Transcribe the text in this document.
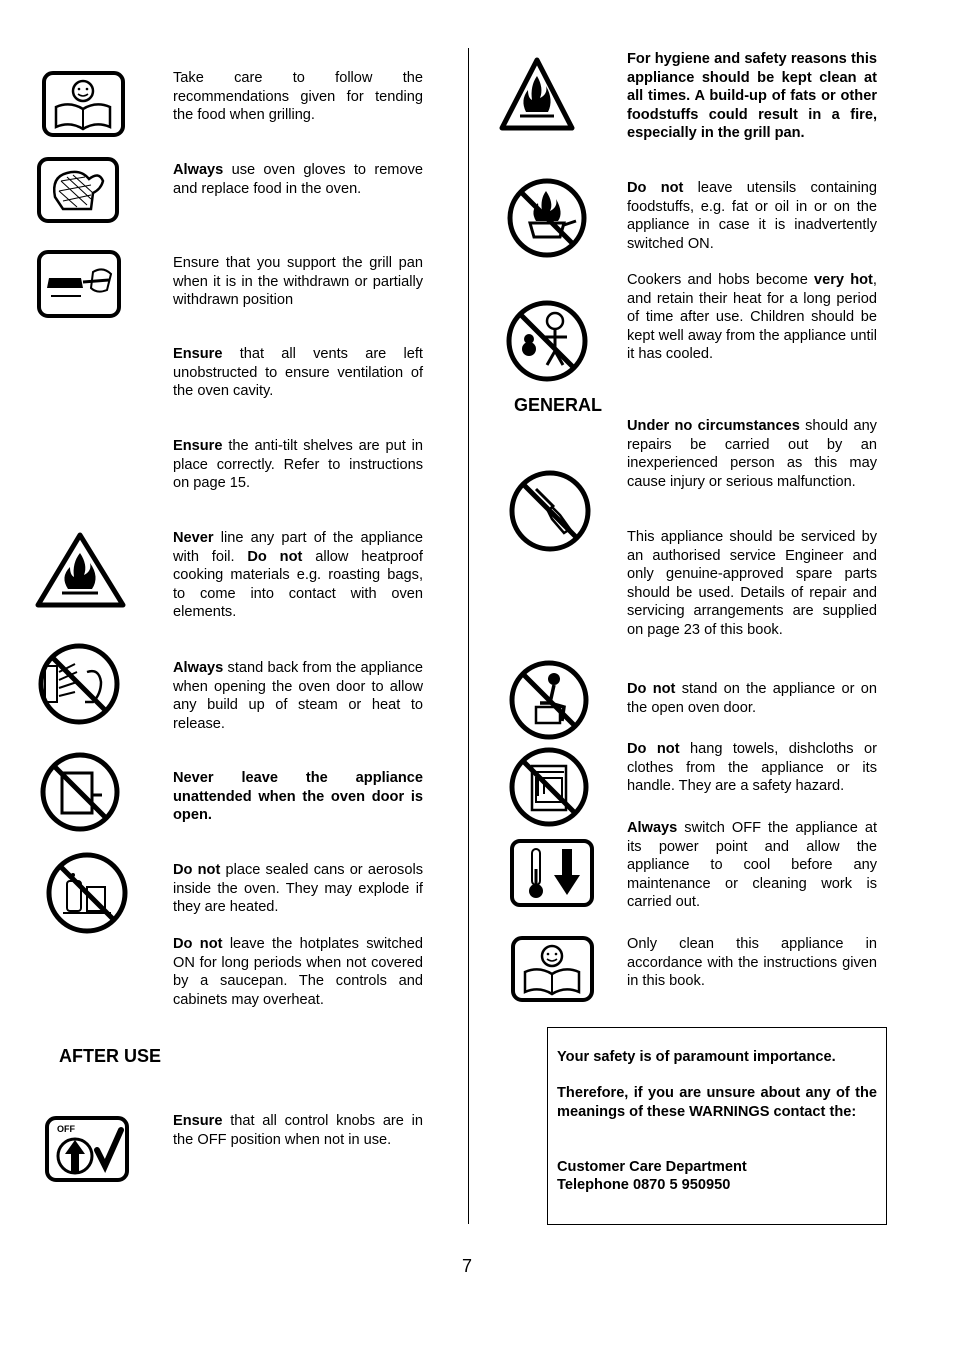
Take care to follow the recommendations given for tending the food when grilling.
Always use oven gloves to remove and replace food in the oven.
Ensure that you support the grill pan when it is in the withdrawn or partially withdrawn position
Ensure that all vents are left unobstructed to ensure ventilation of the oven cavity.
Ensure the anti-tilt shelves are put in place correctly. Refer to instructions on page 15.
Never line any part of the appliance with foil. Do not allow heatproof cooking materials e.g. roasting bags, to come into contact with oven elements.
Always stand back from the appliance when opening the oven door to allow any build up of steam or heat to release.
Never leave the appliance unattended when the oven door is open.
Do not place sealed cans or aerosols inside the oven. They may explode if they are heated.
Do not leave the hotplates switched ON for long periods when not covered by a saucepan. The controls and cabinets may overheat.
AFTER USE
OFF	Ensure that all control knobs are in the OFF position when not in use.
For hygiene and safety reasons this appliance should be kept clean at all times. A build-up of fats or other foodstuffs could result in a fire, especially in the grill pan.
Do not leave utensils containing foodstuffs, e.g. fat or oil in or on the appliance in case it is inadvertently switched ON.
Cookers and hobs become very hot, and retain their heat for a long period of time after use. Children should be kept well away from the appliance until it has cooled.
GENERAL
Under no circumstances should any repairs be carried out by an inexperienced person as this may cause injury or serious malfunction.
This appliance should be serviced by an authorised service Engineer and only genuine-approved spare parts should be used. Details of repair and servicing arrangements are supplied on page 23 of this book.
Do not stand on the appliance or on the open oven door.
Do not hang towels, dishcloths or clothes from the appliance or its handle. They are a safety hazard.
Always switch OFF the appliance at its power point and allow the appliance to cool before any maintenance or cleaning work is carried out.
Only clean this appliance in accordance with the instructions given in this book.

Your safety is of paramount importance.

Therefore, if you are unsure about any of the meanings of these WARNINGS contact the:

Customer Care Department

Telephone 0870 5 950950

7
